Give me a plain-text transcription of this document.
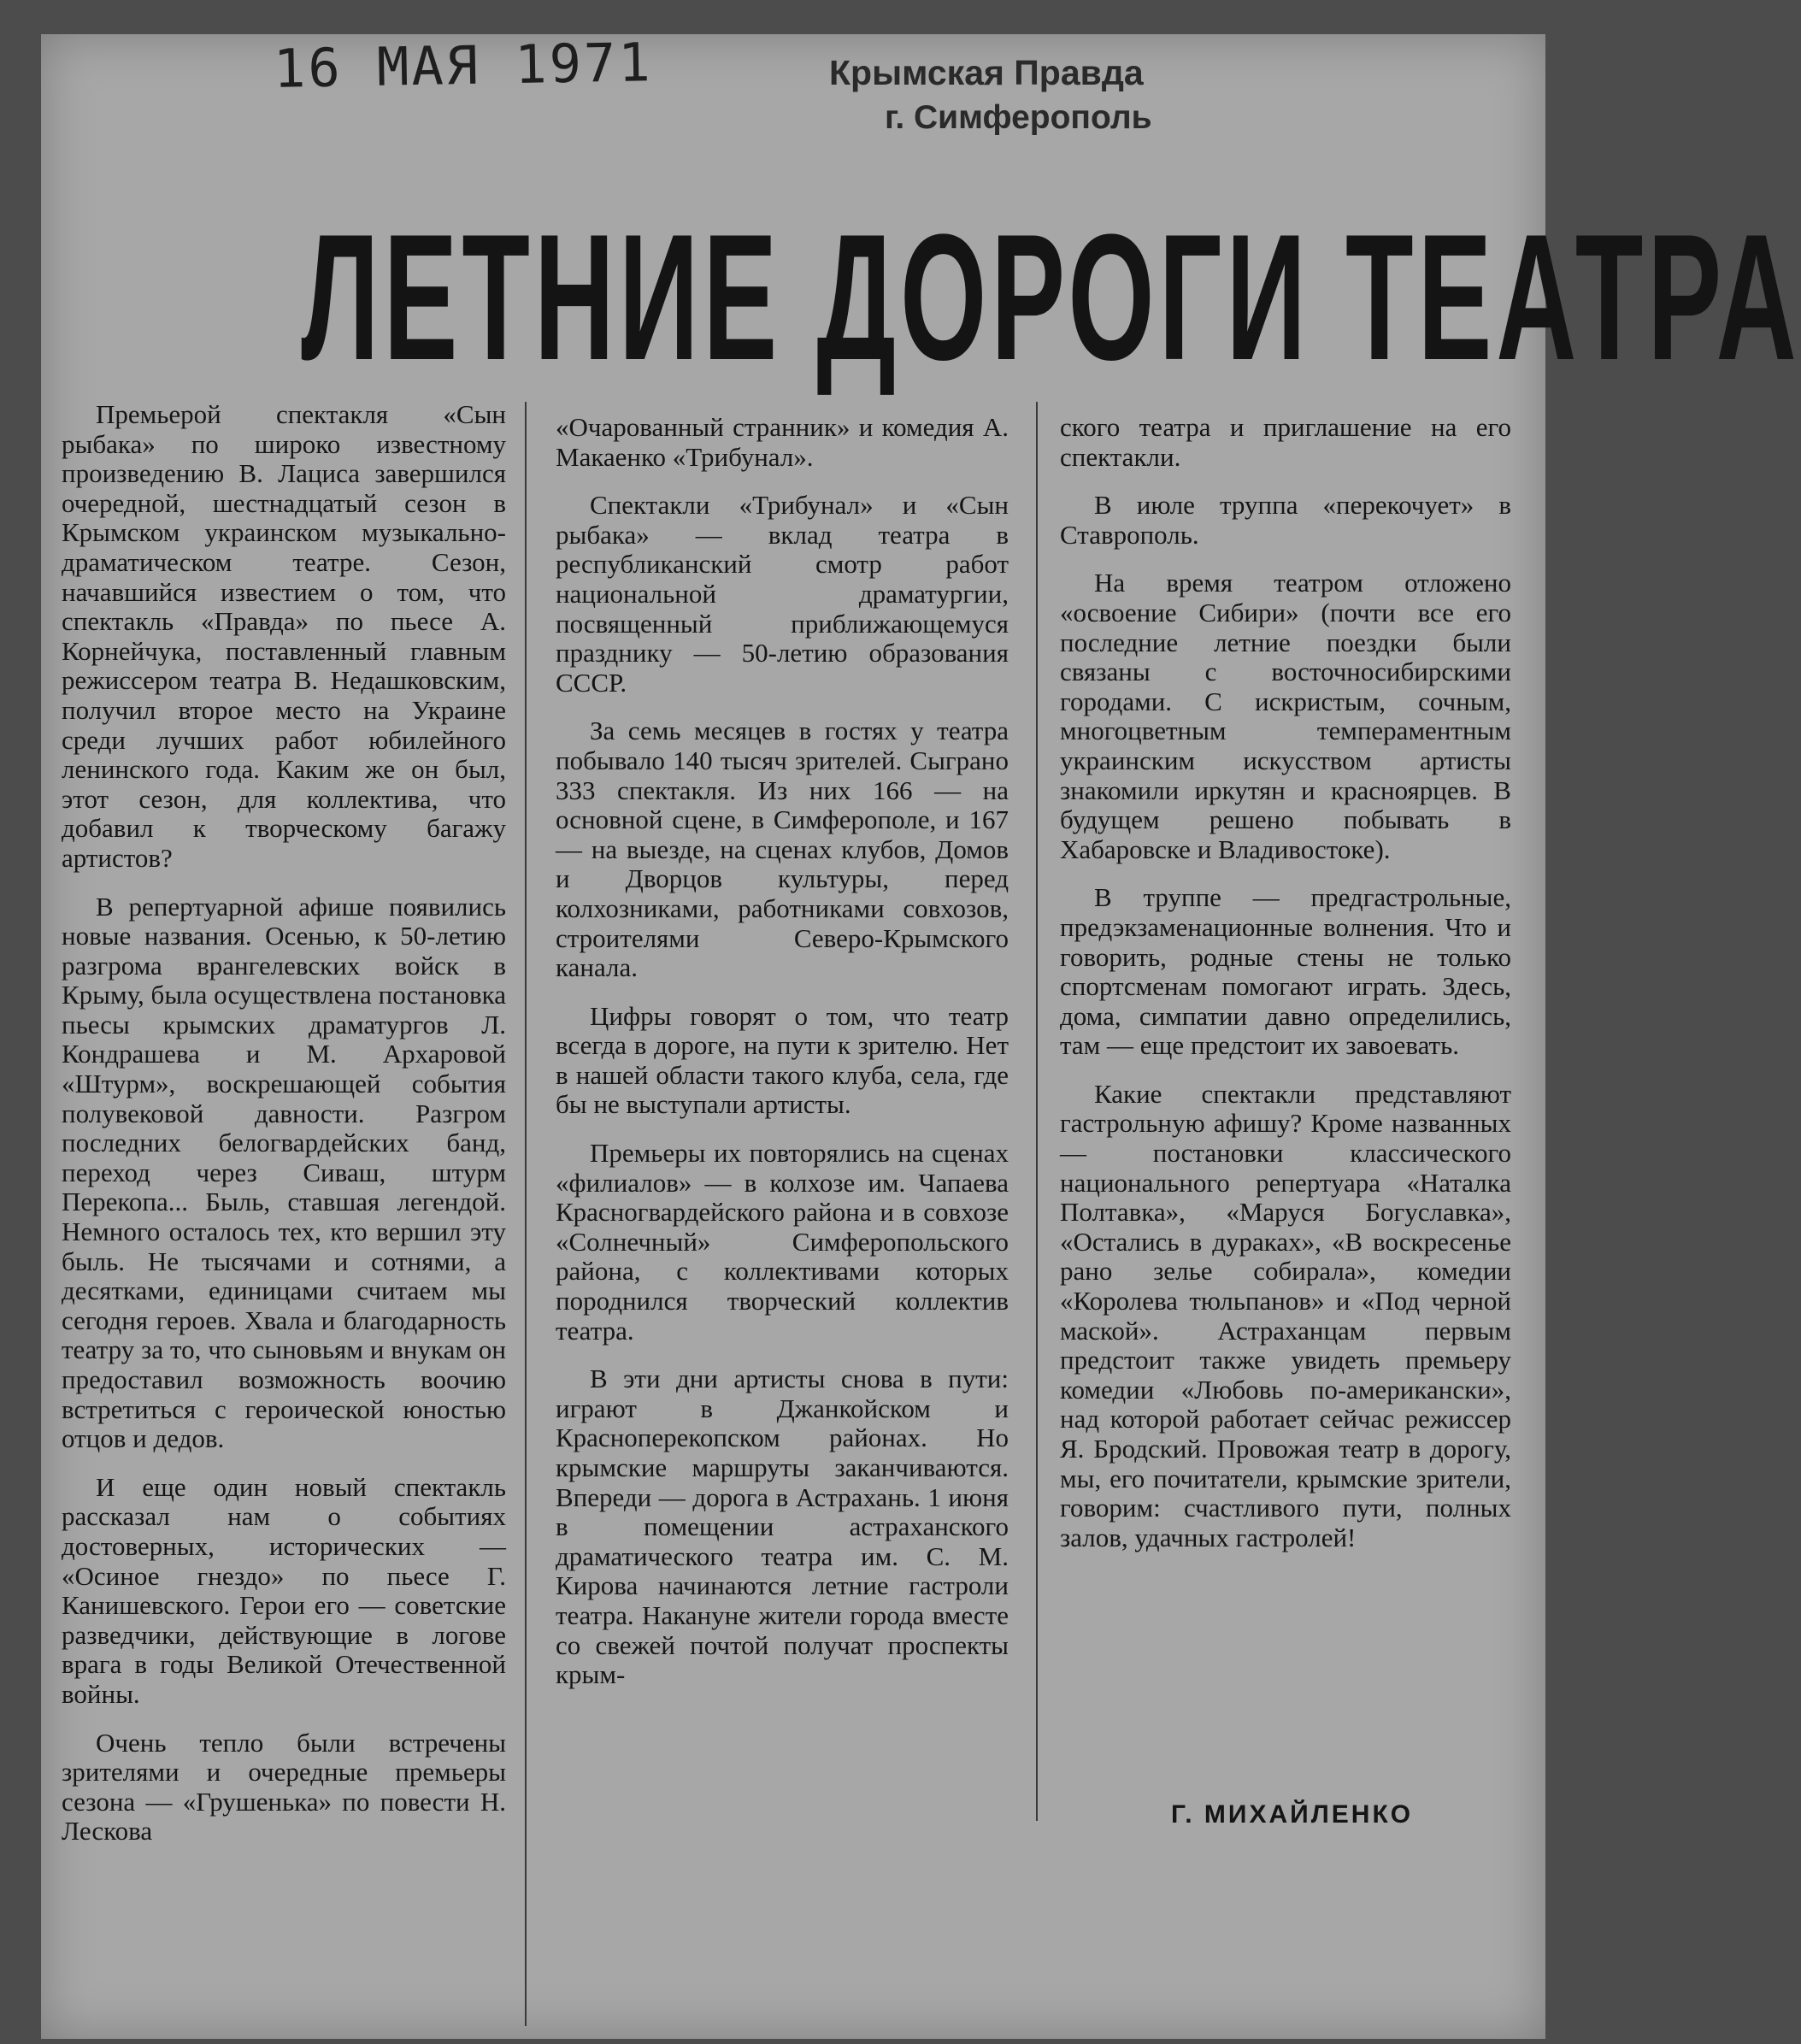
16 МАЯ 1971	Крымская Правда
г. Симферополь
ЛЕТНИЕ ДОРОГИ ТЕАТРА

Премьерой спектакля «Сын рыбака» по широко известному произведению В. Лациса завершился очередной, шестнадцатый сезон в Крымском украинском музыкально-драматическом театре. Сезон, начавшийся известием о том, что спектакль «Правда» по пьесе А. Корнейчука, поставленный главным режиссером театра В. Недашковским, получил второе место на Украине среди лучших работ юбилейного ленинского года. Каким же он был, этот сезон, для коллектива, что добавил к творческому багажу артистов?

В репертуарной афише появились новые названия. Осенью, к 50-летию разгрома врангелевских войск в Крыму, была осуществлена постановка пьесы крымских драматургов Л. Кондрашева и М. Архаровой «Штурм», воскрешающей события полувековой давности. Разгром последних белогвардейских банд, переход через Сиваш, штурм Перекопа... Быль, ставшая легендой. Немного осталось тех, кто вершил эту быль. Не тысячами и сотнями, а десятками, единицами считаем мы сегодня героев. Хвала и благодарность театру за то, что сыновьям и внукам он предоставил возможность воочию встретиться с героической юностью отцов и дедов.

И еще один новый спектакль рассказал нам о событиях достоверных, исторических — «Осиное гнездо» по пьесе Г. Канишевского. Герои его — советские разведчики, действующие в логове врага в годы Великой Отечественной войны.

Очень тепло были встречены зрителями и очередные премьеры сезона — «Грушенька» по повести Н. Лескова

«Очарованный странник» и комедия А. Макаенко «Трибунал».

Спектакли «Трибунал» и «Сын рыбака» — вклад театра в республиканский смотр работ национальной драматургии, посвященный приближающемуся празднику — 50-летию образования СССР.

За семь месяцев в гостях у театра побывало 140 тысяч зрителей. Сыграно 333 спектакля. Из них 166 — на основной сцене, в Симферополе, и 167 — на выезде, на сценах клубов, Домов и Дворцов культуры, перед колхозниками, работниками совхозов, строителями Северо-Крымского канала.

Цифры говорят о том, что театр всегда в дороге, на пути к зрителю. Нет в нашей области такого клуба, села, где бы не выступали артисты.

Премьеры их повторялись на сценах «филиалов» — в колхозе им. Чапаева Красногвардейского района и в совхозе «Солнечный» Симферопольского района, с коллективами которых породнился творческий коллектив театра.

В эти дни артисты снова в пути: играют в Джанкойском и Красноперекопском районах. Но крымские маршруты заканчиваются. Впереди — дорога в Астрахань. 1 июня в помещении астраханского драматического театра им. С. М. Кирова начинаются летние гастроли театра. Накануне жители города вместе со свежей почтой получат проспекты крым-

ского театра и приглашение на его спектакли.

В июле труппа «перекочует» в Ставрополь.

На время театром отложено «освоение Сибири» (почти все его последние летние поездки были связаны с восточносибирскими городами. С искристым, сочным, многоцветным темпераментным украинским искусством артисты знакомили иркутян и красноярцев. В будущем решено побывать в Хабаровске и Владивостоке).

В труппе — предгастрольные, предэкзаменационные волнения. Что и говорить, родные стены не только спортсменам помогают играть. Здесь, дома, симпатии давно определились, там — еще предстоит их завоевать.

Какие спектакли представляют гастрольную афишу? Кроме названных — постановки классического национального репертуара «Наталка Полтавка», «Маруся Богуславка», «Остались в дураках», «В воскресенье рано зелье собирала», комедии «Королева тюльпанов» и «Под черной маской». Астраханцам первым предстоит также увидеть премьеру комедии «Любовь по-американски», над которой работает сейчас режиссер Я. Бродский. Провожая театр в дорогу, мы, его почитатели, крымские зрители, говорим: счастливого пути, полных залов, удачных гастролей!

Г. МИХАЙЛЕНКО
